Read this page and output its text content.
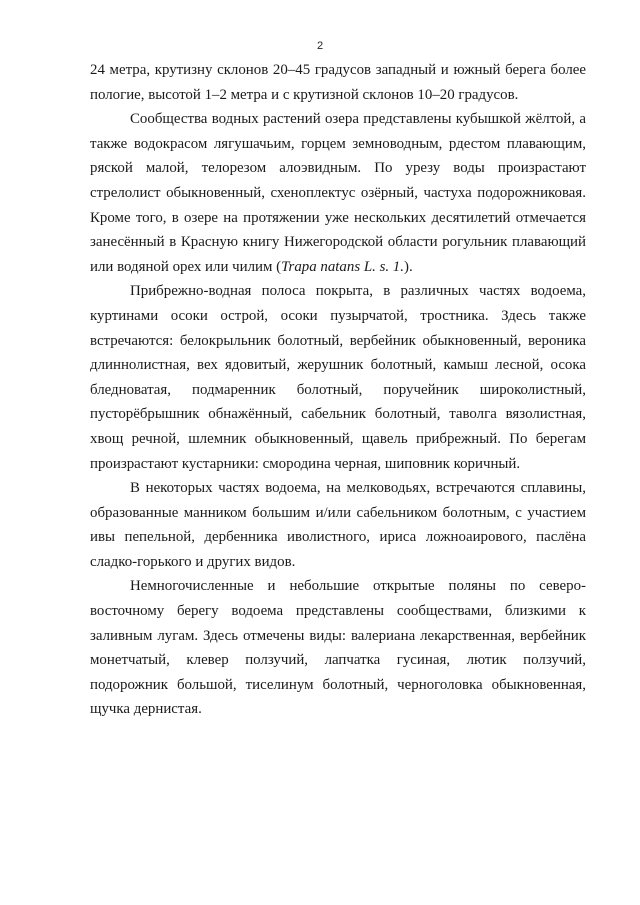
2

24 метра, крутизну склонов 20–45 градусов западный и южный берега более пологие, высотой 1–2 метра и с крутизной склонов 10–20 градусов.

Сообщества водных растений озера представлены кубышкой жёлтой, а также водокрасом лягушачьим, горцем земноводным, рдестом плавающим, ряской малой, телорезом алоэвидным. По урезу воды произрастают стрелолист обыкновенный, схеноплектус озёрный, частуха подорожниковая. Кроме того, в озере на протяжении уже нескольких десятилетий отмечается занесённый в Красную книгу Нижегородской области рогульник плавающий или водяной орех или чилим (Trapa natans L. s. 1.).

Прибрежно-водная полоса покрыта, в различных частях водоема, куртинами осоки острой, осоки пузырчатой, тростника. Здесь также встречаются: белокрыльник болотный, вербейник обыкновенный, вероника длиннолистная, вех ядовитый, жерушник болотный, камыш лесной, осока бледноватая, подмаренник болотный, поручейник широколистный, пусторёбрышник обнажённый, сабельник болотный, таволга вязолистная, хвощ речной, шлемник обыкновенный, щавель прибрежный. По берегам произрастают кустарники: смородина черная, шиповник коричный.

В некоторых частях водоема, на мелководьях, встречаются сплавины, образованные манником большим и/или сабельником болотным, с участием ивы пепельной, дербенника иволистного, ириса ложноаирового, паслёна сладко-горького и других видов.

Немногочисленные и небольшие открытые поляны по северо-восточному берегу водоема представлены сообществами, близкими к заливным лугам. Здесь отмечены виды: валериана лекарственная, вербейник монетчатый, клевер ползучий, лапчатка гусиная, лютик ползучий, подорожник большой, тиселинум болотный, черноголовка обыкновенная, щучка дернистая.
